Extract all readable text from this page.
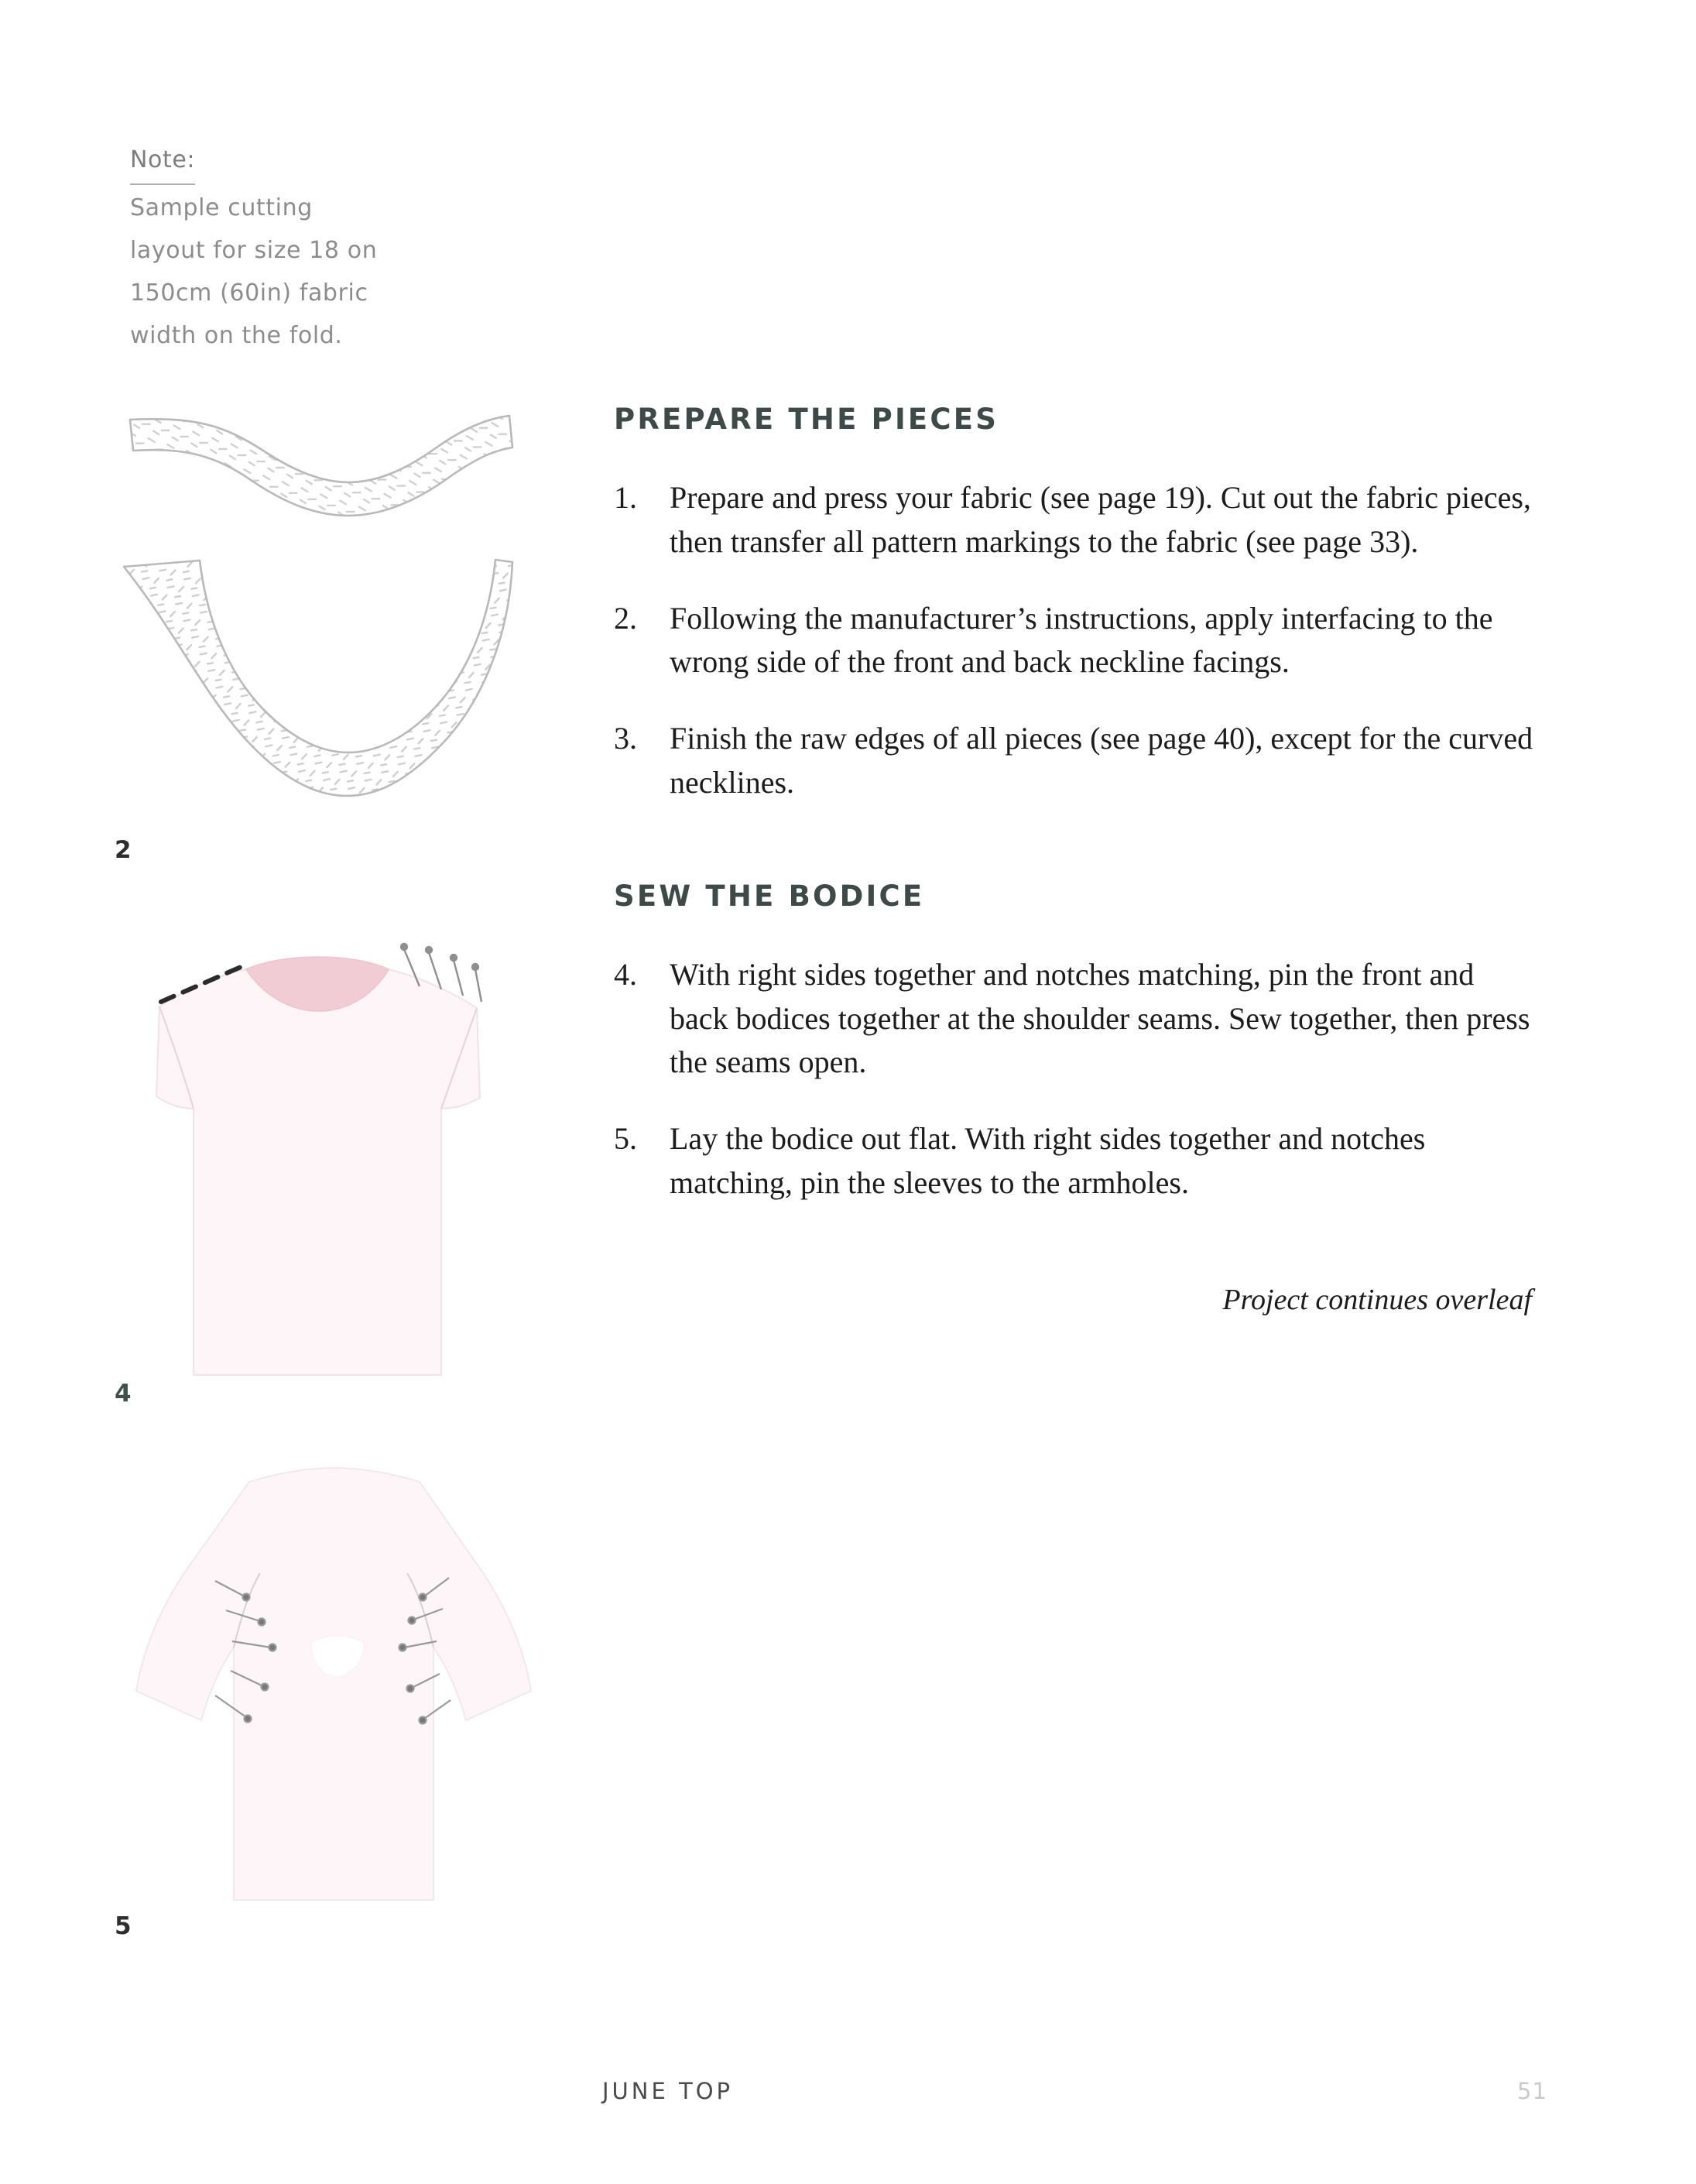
Note:
Sample cutting
layout for size 18 on
150cm (60in) fabric
width on the fold.
2
4
5
PREPARE THE PIECES
1.	Prepare and press your fabric (see page 19). Cut out the fabric pieces, then transfer all pattern markings to the fabric (see page 33).
2.	Following the manufacturer’s instructions, apply interfacing to the wrong side of the front and back neckline facings.
3.	Finish the raw edges of all pieces (see page 40), except for the curved necklines.
SEW THE BODICE
4.	With right sides together and notches matching, pin the front and back bodices together at the shoulder seams. Sew together, then press the seams open.
5.	Lay the bodice out flat. With right sides together and notches matching, pin the sleeves to the armholes.
Project continues overleaf
JUNE TOP	51
